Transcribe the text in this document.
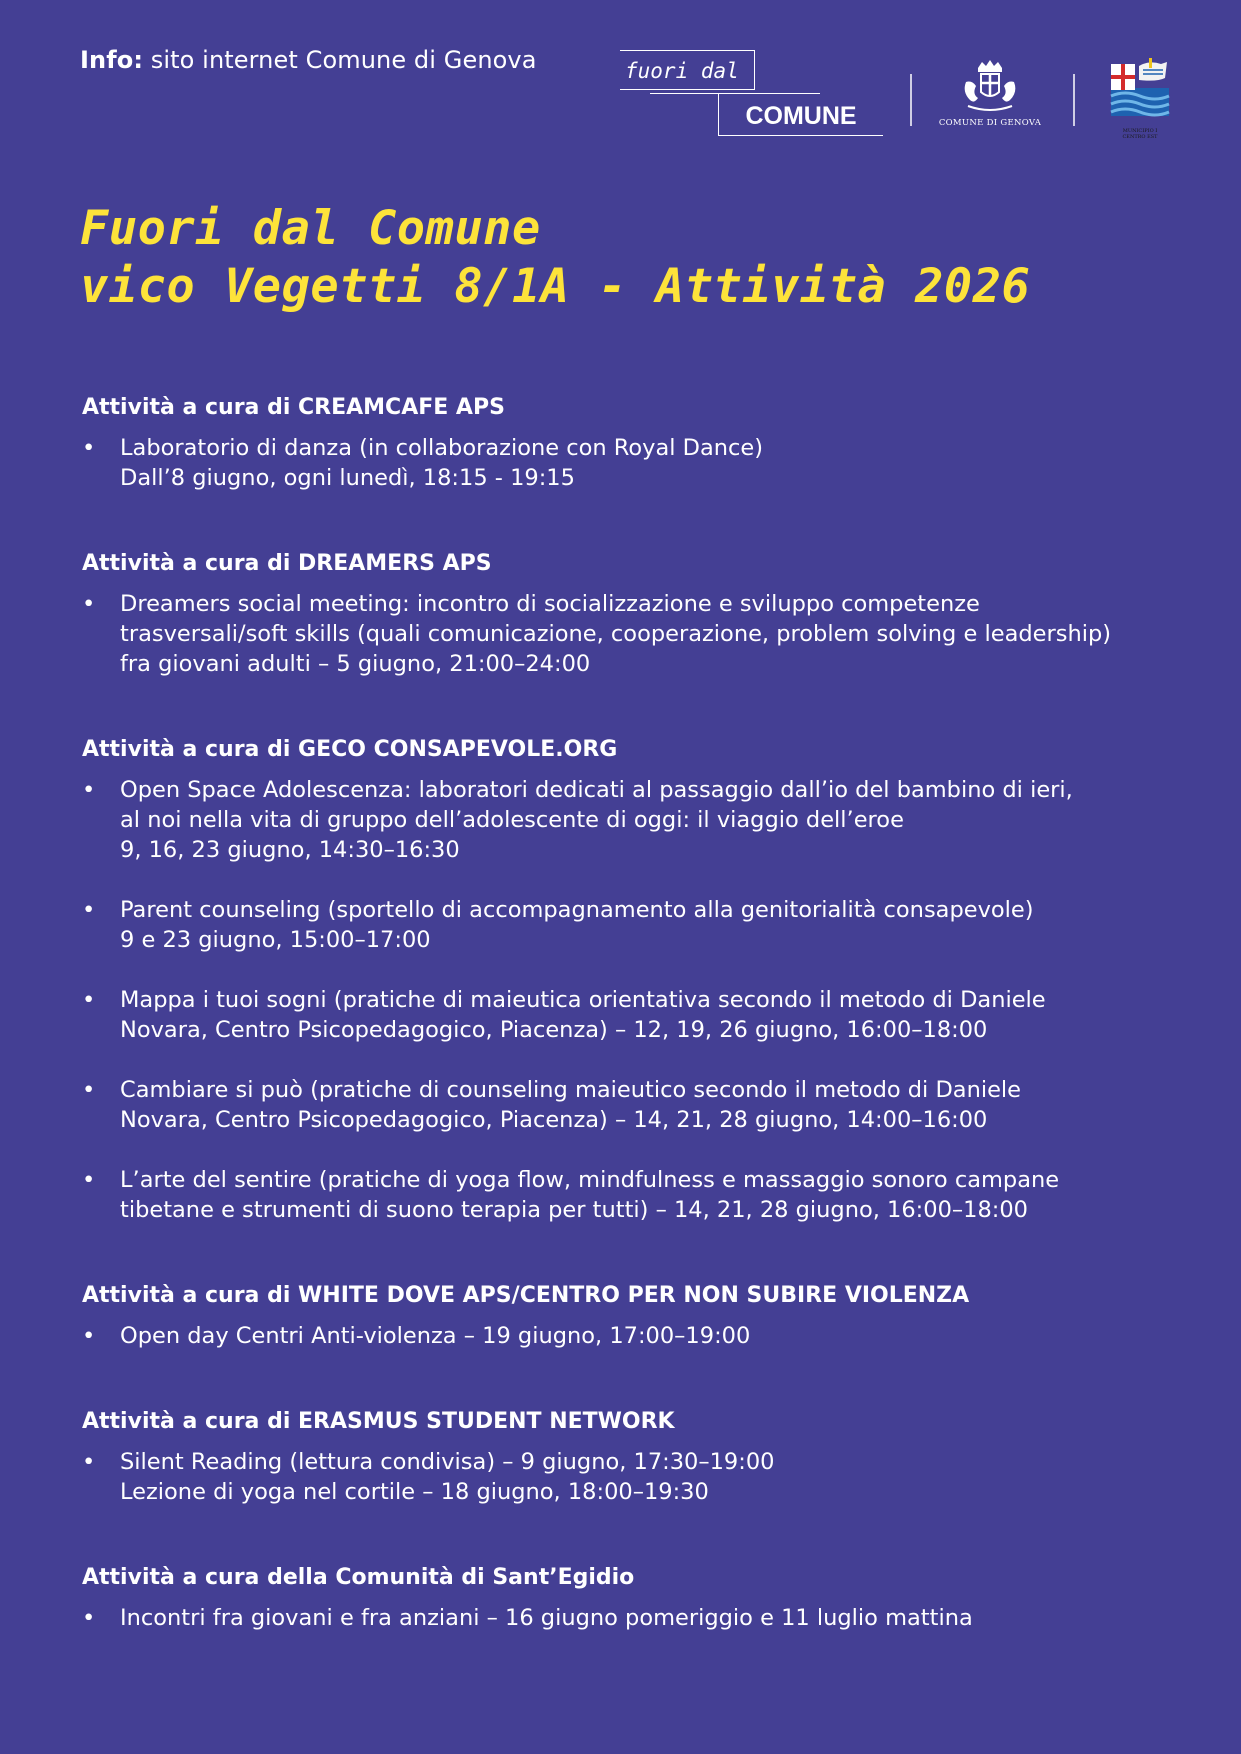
Info: sito internet Comune di Genova	fuori dal
COMUNE	COMUNE DI GENOVA
MUNICIPIO I
CENTRO EST
Fuori dal Comune
vico Vegetti 8/1A - Attività 2026
Attività a cura di CREAMCAFE APS

• Laboratorio di danza (in collaborazione con Royal Dance)
Dall’8 giugno, ogni lunedì, 18:15 - 19:15

Attività a cura di DREAMERS APS

• Dreamers social meeting: incontro di socializzazione e sviluppo competenze
trasversali/soft skills (quali comunicazione, cooperazione, problem solving e leadership)
fra giovani adulti – 5 giugno, 21:00–24:00

Attività a cura di GECO CONSAPEVOLE.ORG

• Open Space Adolescenza: laboratori dedicati al passaggio dall’io del bambino di ieri,
al noi nella vita di gruppo dell’adolescente di oggi: il viaggio dell’eroe
9, 16, 23 giugno, 14:30–16:30

• Parent counseling (sportello di accompagnamento alla genitorialità consapevole)
9 e 23 giugno, 15:00–17:00

• Mappa i tuoi sogni (pratiche di maieutica orientativa secondo il metodo di Daniele
Novara, Centro Psicopedagogico, Piacenza) – 12, 19, 26 giugno, 16:00–18:00

• Cambiare si può (pratiche di counseling maieutico secondo il metodo di Daniele
Novara, Centro Psicopedagogico, Piacenza) – 14, 21, 28 giugno, 14:00–16:00

• L’arte del sentire (pratiche di yoga flow, mindfulness e massaggio sonoro campane
tibetane e strumenti di suono terapia per tutti) – 14, 21, 28 giugno, 16:00–18:00

Attività a cura di WHITE DOVE APS/CENTRO PER NON SUBIRE VIOLENZA

• Open day Centri Anti-violenza – 19 giugno, 17:00–19:00

Attività a cura di ERASMUS STUDENT NETWORK

• Silent Reading (lettura condivisa) – 9 giugno, 17:30–19:00
Lezione di yoga nel cortile – 18 giugno, 18:00–19:30

Attività a cura della Comunità di Sant’Egidio

• Incontri fra giovani e fra anziani – 16 giugno pomeriggio e 11 luglio mattina
